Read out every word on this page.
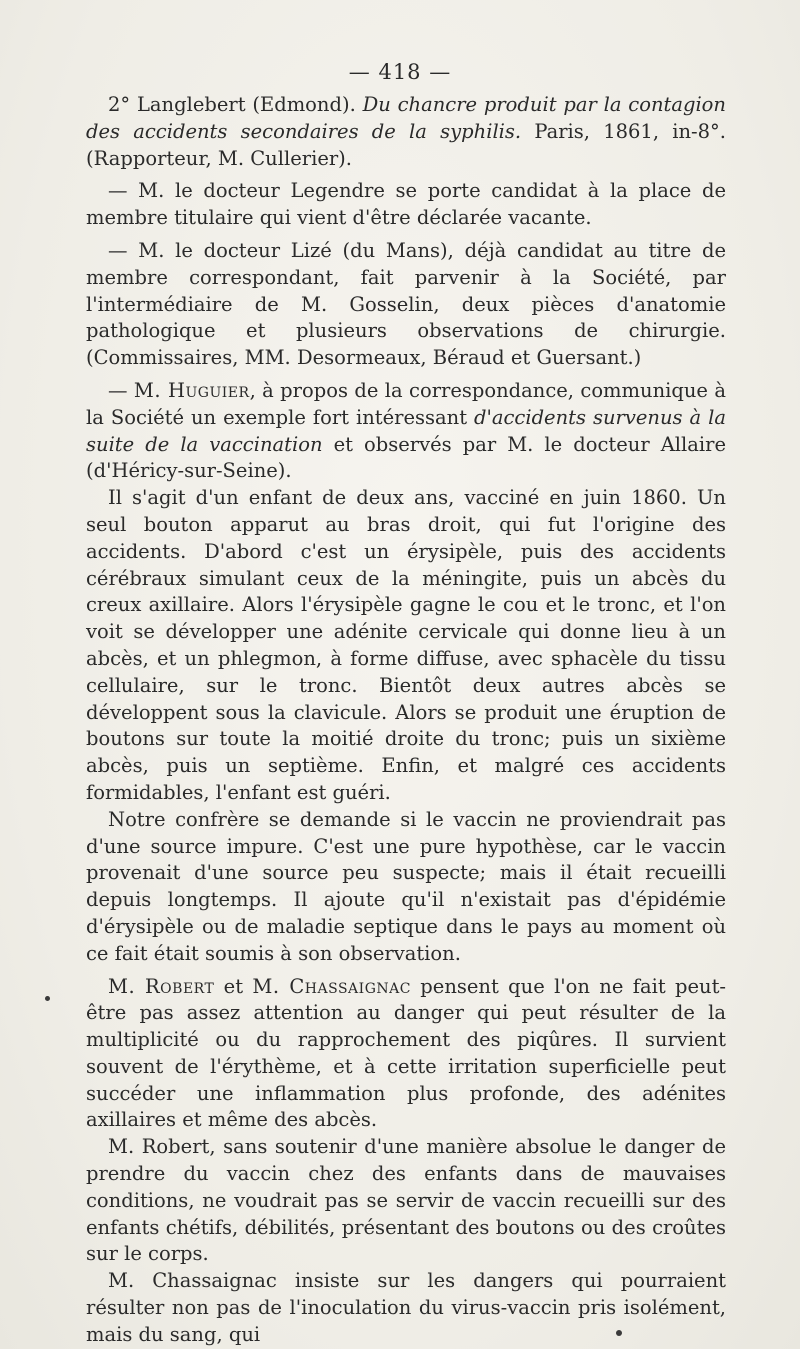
— 418 —

2° Langlebert (Edmond). Du chancre produit par la contagion des accidents secondaires de la syphilis. Paris, 1861, in-8°. (Rapporteur, M. Cullerier).

— M. le docteur Legendre se porte candidat à la place de membre titulaire qui vient d'être déclarée vacante.

— M. le docteur Lizé (du Mans), déjà candidat au titre de membre correspondant, fait parvenir à la Société, par l'intermédiaire de M. Gosselin, deux pièces d'anatomie pathologique et plusieurs observations de chirurgie. (Commissaires, MM. Desormeaux, Béraud et Guersant.)

— M. Huguier, à propos de la correspondance, communique à la Société un exemple fort intéressant d'accidents survenus à la suite de la vaccination et observés par M. le docteur Allaire (d'Héricy-sur-Seine).

Il s'agit d'un enfant de deux ans, vacciné en juin 1860. Un seul bouton apparut au bras droit, qui fut l'origine des accidents. D'abord c'est un érysipèle, puis des accidents cérébraux simulant ceux de la méningite, puis un abcès du creux axillaire. Alors l'érysipèle gagne le cou et le tronc, et l'on voit se développer une adénite cervicale qui donne lieu à un abcès, et un phlegmon, à forme diffuse, avec sphacèle du tissu cellulaire, sur le tronc. Bientôt deux autres abcès se développent sous la clavicule. Alors se produit une éruption de boutons sur toute la moitié droite du tronc; puis un sixième abcès, puis un septième. Enfin, et malgré ces accidents formidables, l'enfant est guéri.

Notre confrère se demande si le vaccin ne proviendrait pas d'une source impure. C'est une pure hypothèse, car le vaccin provenait d'une source peu suspecte; mais il était recueilli depuis longtemps. Il ajoute qu'il n'existait pas d'épidémie d'érysipèle ou de maladie septique dans le pays au moment où ce fait était soumis à son observation.

M. Robert et M. Chassaignac pensent que l'on ne fait peut-être pas assez attention au danger qui peut résulter de la multiplicité ou du rapprochement des piqûres. Il survient souvent de l'érythème, et à cette irritation superficielle peut succéder une inflammation plus profonde, des adénites axillaires et même des abcès.

M. Robert, sans soutenir d'une manière absolue le danger de prendre du vaccin chez des enfants dans de mauvaises conditions, ne voudrait pas se servir de vaccin recueilli sur des enfants chétifs, débilités, présentant des boutons ou des croûtes sur le corps.

M. Chassaignac insiste sur les dangers qui pourraient résulter non pas de l'inoculation du virus-vaccin pris isolément, mais du sang, qui
